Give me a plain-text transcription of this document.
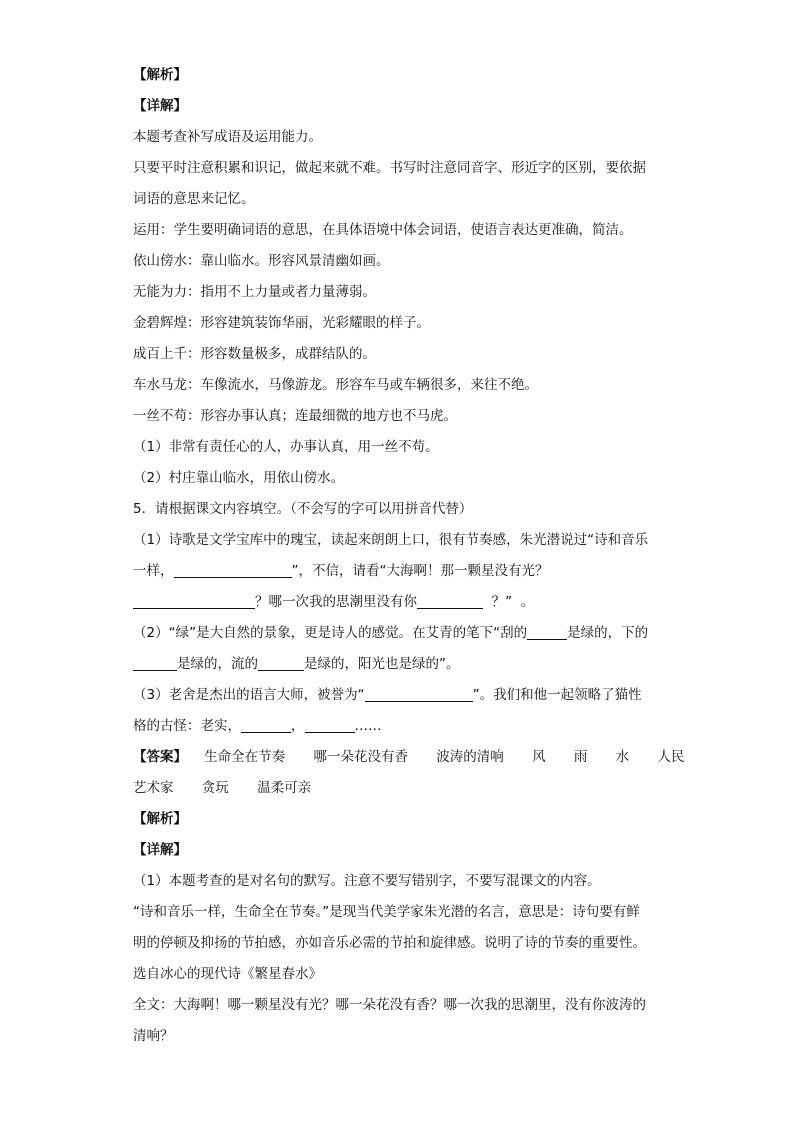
【解析】
【详解】
本题考查补写成语及运用能力。
只要平时注意积累和识记，做起来就不难。书写时注意同音字、形近字的区别，要依据
词语的意思来记忆。
运用：学生要明确词语的意思，在具体语境中体会词语，使语言表达更准确，简洁。
依山傍水：靠山临水。形容风景清幽如画。
无能为力：指用不上力量或者力量薄弱。
金碧辉煌：形容建筑装饰华丽，光彩耀眼的样子。
成百上千：形容数量极多，成群结队的。
车水马龙：车像流水，马像游龙。形容车马或车辆很多，来往不绝。
一丝不苟：形容办事认真；连最细微的地方也不马虎。
（1）非常有责任心的人，办事认真，用一丝不苟。
（2）村庄靠山临水，用依山傍水。
5．请根据课文内容填空。（不会写的字可以用拼音代替）
（1）诗歌是文学宝库中的瑰宝，读起来朗朗上口，很有节奏感，朱光潜说过“诗和音乐
一样，	”，不信，请看“大海啊！那一颗星没有光？
？哪一次我的思潮里没有你	？” 。
（2）“绿”是大自然的景象，更是诗人的感觉。在艾青的笔下“刮的	是绿的，下的
是绿的，流的	是绿的，阳光也是绿的”。
（3）老舍是杰出的语言大师，被誉为“	”。我们和他一起领略了猫性
格的古怪：老实，	，	……
【答案】 生命全在节奏 哪一朵花没有香 波涛的清响 风 雨 水 人民
艺术家 贪玩 温柔可亲
【解析】
【详解】
（1）本题考查的是对名句的默写。注意不要写错别字，不要写混课文的内容。
“诗和音乐一样，生命全在节奏。”是现当代美学家朱光潜的名言，意思是：诗句要有鲜
明的停顿及抑扬的节拍感，亦如音乐必需的节拍和旋律感。说明了诗的节奏的重要性。
选自冰心的现代诗《繁星春水》
全文：大海啊！哪一颗星没有光？哪一朵花没有香？哪一次我的思潮里，没有你波涛的
清响？
